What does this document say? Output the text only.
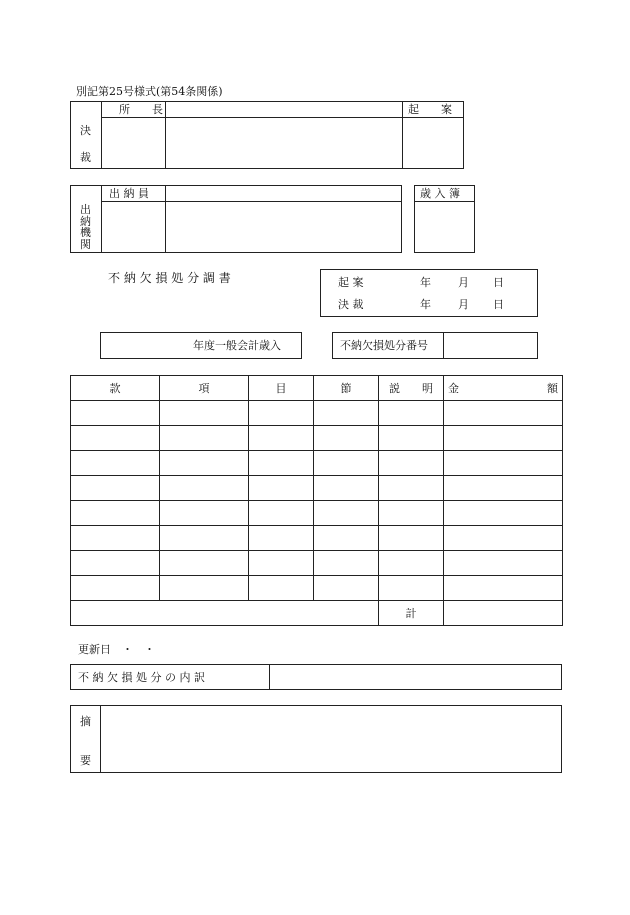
別記第25号様式(第54条関係)
決
裁
所　　長	起　　案
出納機関
出 納 員	歳 入 簿
不 納 欠 損 処 分 調 書	起 案	年 月 日
決 裁	年 月 日
年度一般会計歳入	不納欠損処分番号
款	項	目	節	説　　明	金 額

				計	
更新日　・　・
不 納 欠 損 処 分 の 内 訳
摘
要
